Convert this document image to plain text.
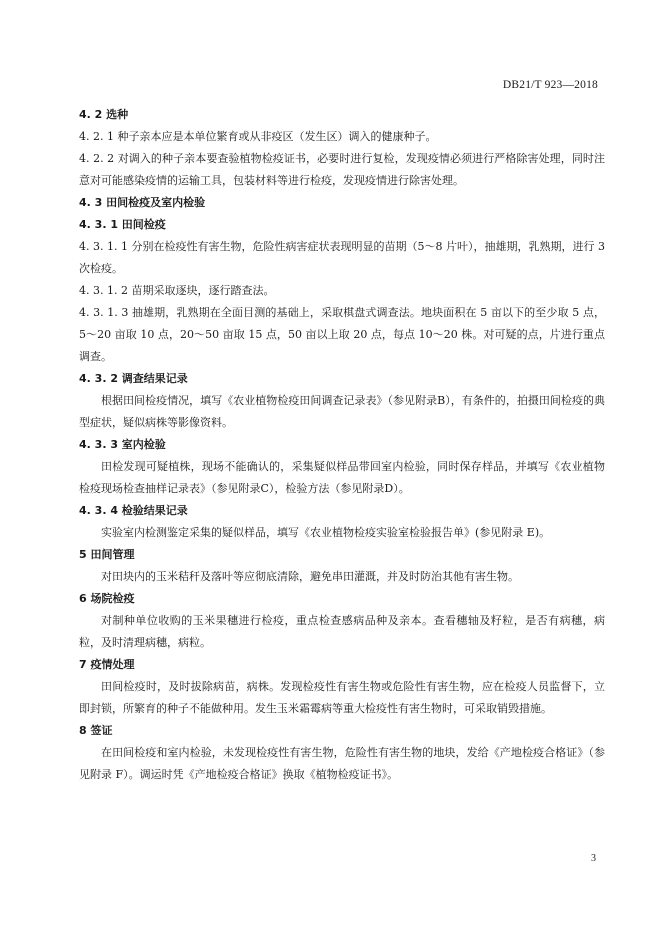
DB21/T 923—2018
4. 2 选种
4. 2. 1 种子亲本应是本单位繁育或从非疫区（发生区）调入的健康种子。
4. 2. 2 对调入的种子亲本要查验植物检疫证书，必要时进行复检，发现疫情必须进行严格除害处理，同时注意对可能感染疫情的运输工具，包装材料等进行检疫，发现疫情进行除害处理。
4. 3 田间检疫及室内检验
4. 3. 1 田间检疫
4. 3. 1. 1 分别在检疫性有害生物，危险性病害症状表现明显的苗期（5～8 片叶），抽雄期，乳熟期，进行 3 次检疫。
4. 3. 1. 2 苗期采取逐块，逐行踏查法。
4. 3. 1. 3 抽雄期，乳熟期在全面目测的基础上，采取棋盘式调查法。地块面积在 5 亩以下的至少取 5 点，5～20 亩取 10 点，20～50 亩取 15 点，50 亩以上取 20 点，每点 10～20 株。对可疑的点，片进行重点调查。
4. 3. 2 调查结果记录
根据田间检疫情况，填写《农业植物检疫田间调查记录表》（参见附录B），有条件的，拍摄田间检疫的典型症状，疑似病株等影像资料。
4. 3. 3 室内检验
田检发现可疑植株，现场不能确认的，采集疑似样品带回室内检验，同时保存样品，并填写《农业植物检疫现场检查抽样记录表》（参见附录C），检验方法（参见附录D）。
4. 3. 4 检验结果记录
实验室内检测鉴定采集的疑似样品，填写《农业植物检疫实验室检验报告单》(参见附录 E)。
5 田间管理
对田块内的玉米秸秆及落叶等应彻底清除，避免串田灌溉，并及时防治其他有害生物。
6 场院检疫
对制种单位收购的玉米果穗进行检疫，重点检查感病品种及亲本。查看穗轴及籽粒，是否有病穗，病粒，及时清理病穗，病粒。
7 疫情处理
田间检疫时，及时拔除病苗，病株。发现检疫性有害生物或危险性有害生物，应在检疫人员监督下，立即封锁，所繁育的种子不能做种用。发生玉米霜霉病等重大检疫性有害生物时，可采取销毁措施。
8 签证
在田间检疫和室内检验，未发现检疫性有害生物，危险性有害生物的地块，发给《产地检疫合格证》（参见附录 F）。调运时凭《产地检疫合格证》换取《植物检疫证书》。
3
